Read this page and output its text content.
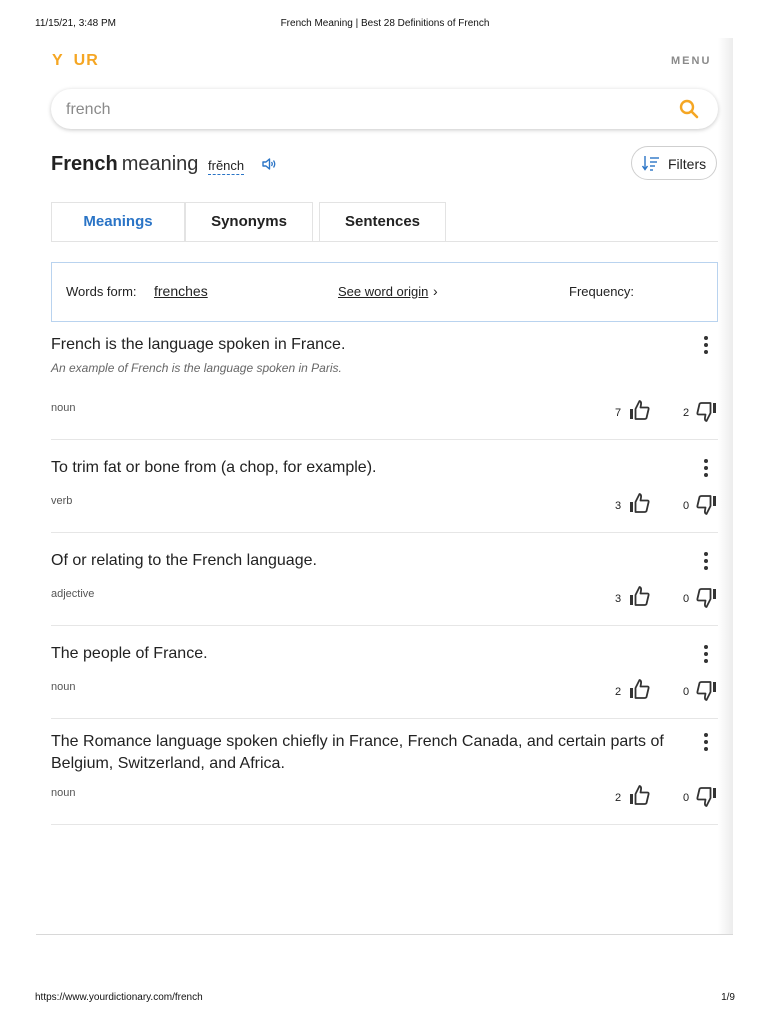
11/15/21, 3:48 PM	French Meaning | Best 28 Definitions of French
Y UR	MENU
french
French meaning frĕnch	Filters
Meanings	Synonyms	Sentences
Words form: frenches	See word origin ›	Frequency:
French is the language spoken in France.
An example of French is the language spoken in Paris.
noun	7	2
To trim fat or bone from (a chop, for example).
verb	3	0
Of or relating to the French language.
adjective	3	0
The people of France.
noun	2	0
The Romance language spoken chiefly in France, French Canada, and certain parts of Belgium, Switzerland, and Africa.
noun	2	0
https://www.yourdictionary.com/french	1/9
